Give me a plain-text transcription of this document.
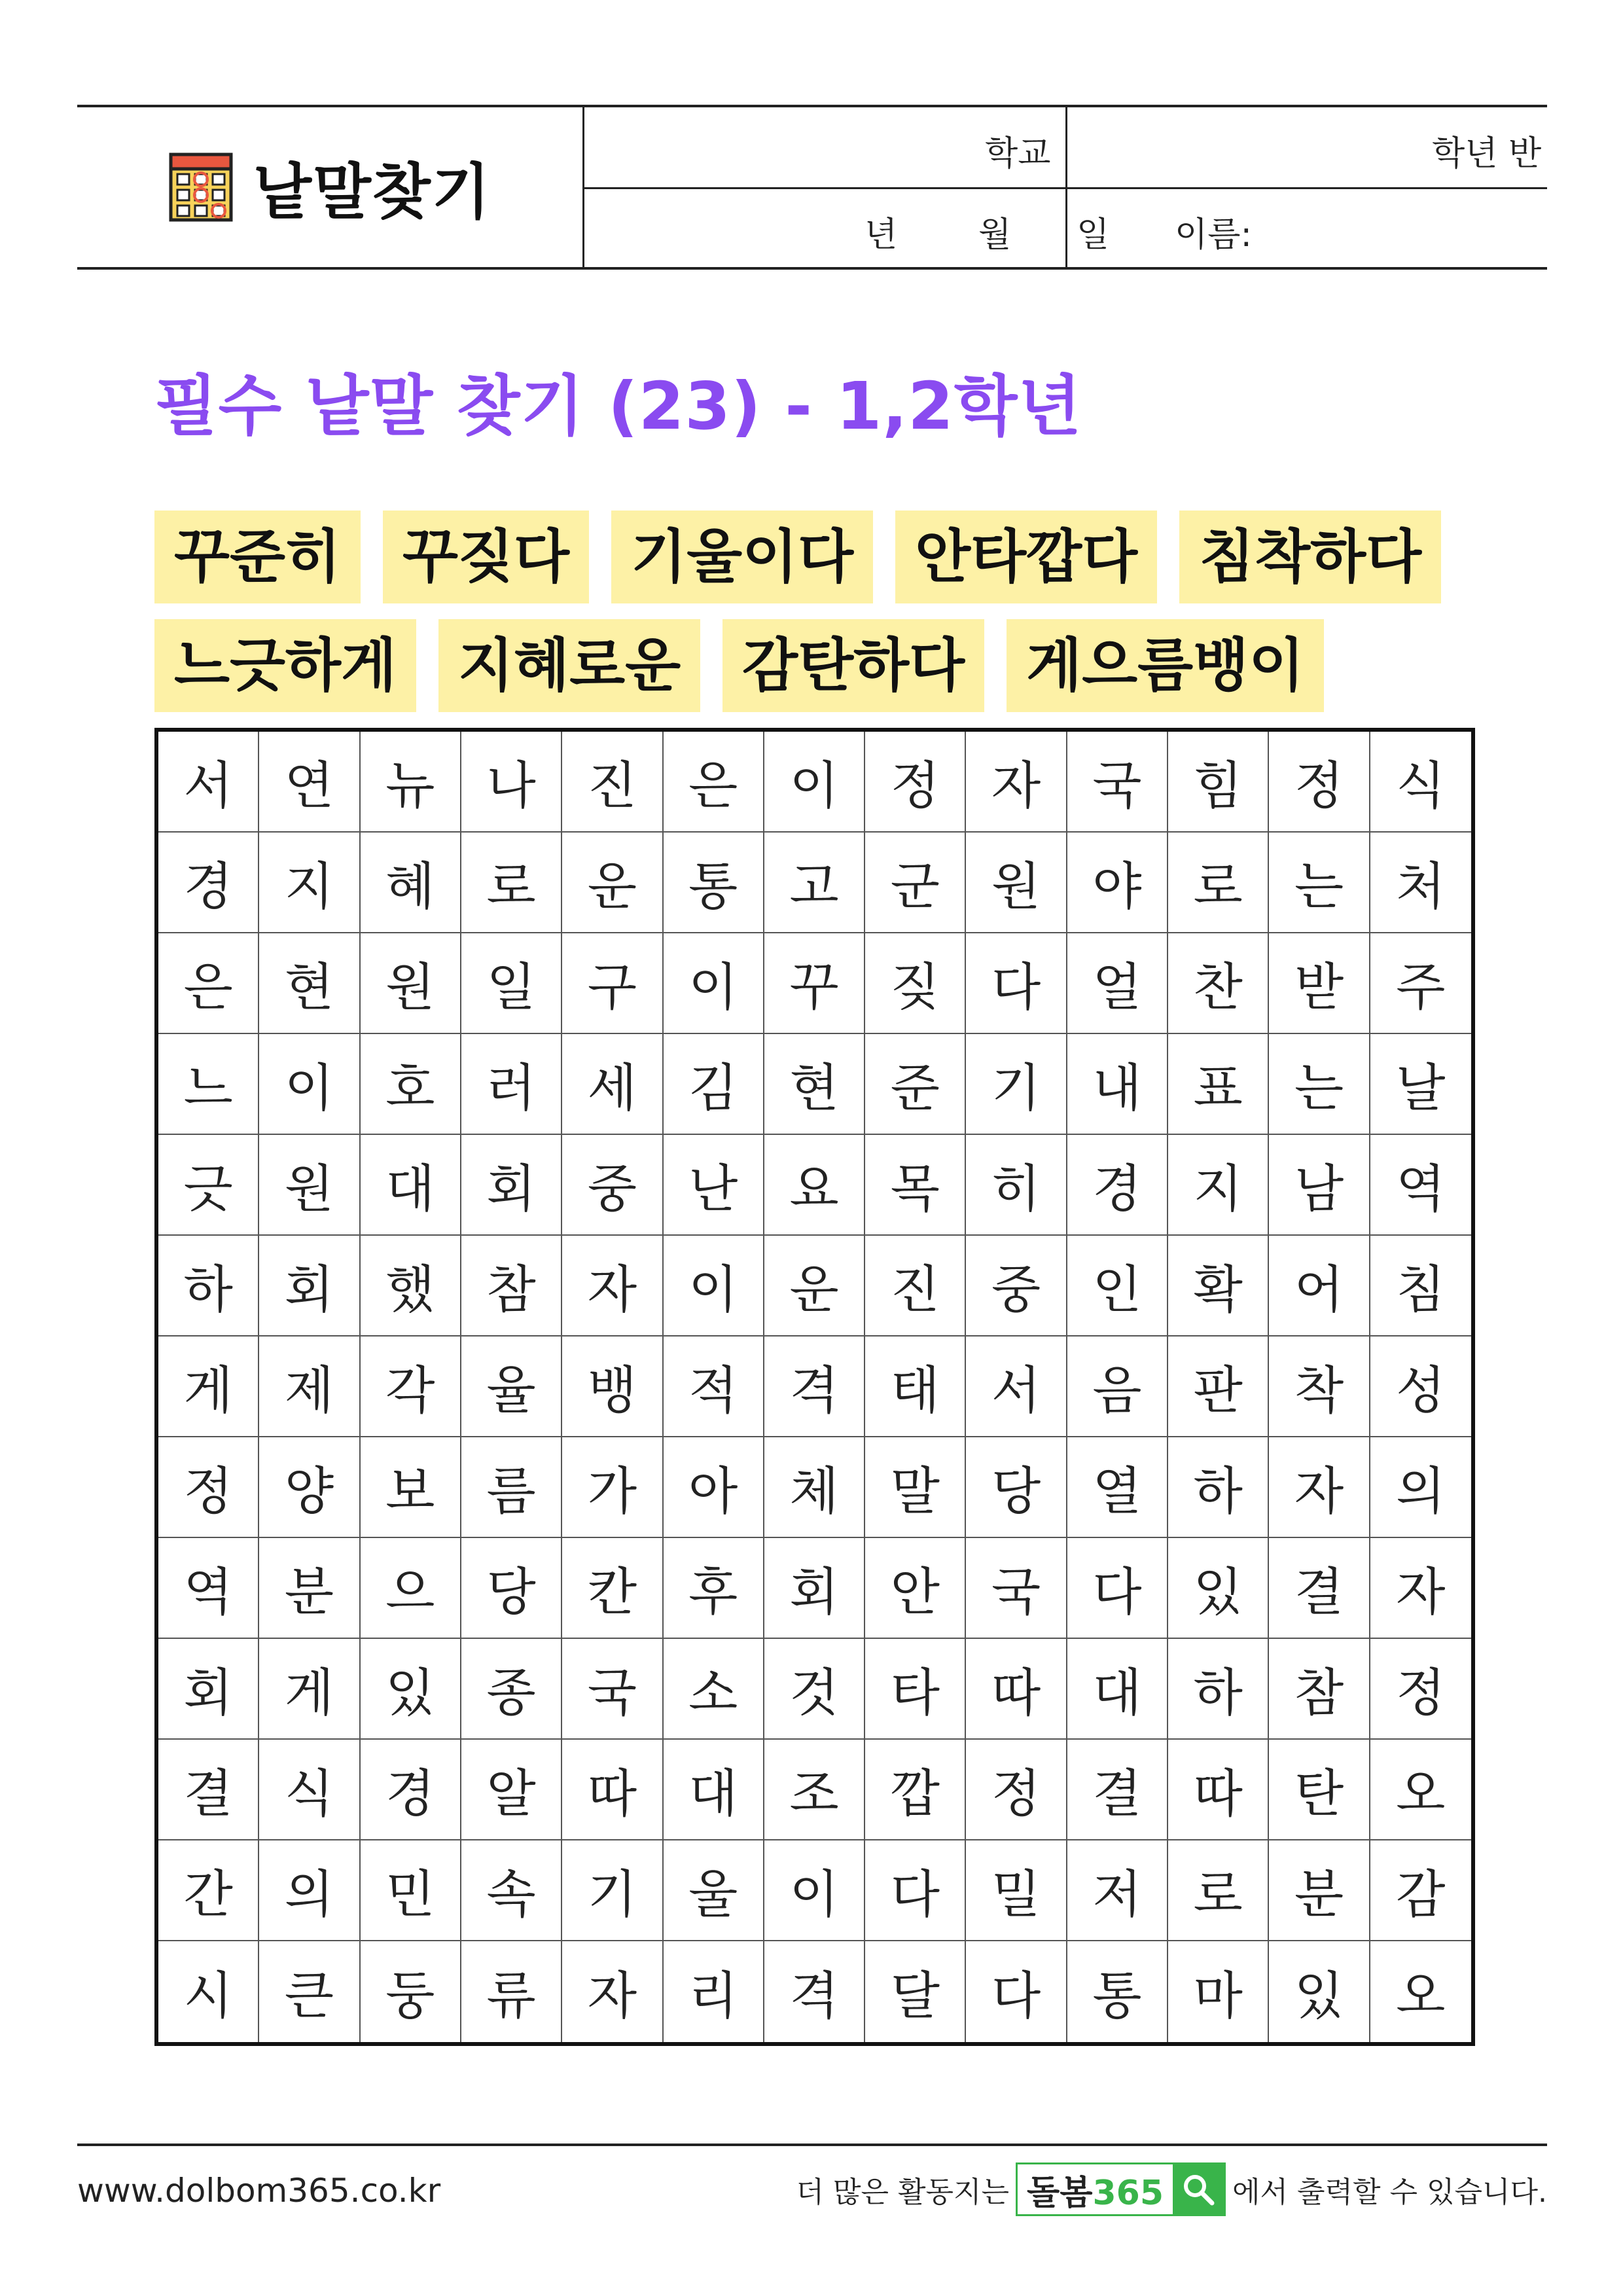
낱말찾기
학교	학년 반
년 월 일 이름:
필수 낱말 찾기 (23) - 1,2학년
꾸준히	꾸짖다	기울이다	안타깝다	침착하다
느긋하게	지혜로운	감탄하다	게으름뱅이
서	연	뉴	나	진	은	이	정	자	국	힘	정	식
경	지	혜	로	운	통	고	군	원	야	로	는	처
은	현	원	일	구	이	꾸	짖	다	얼	찬	받	주
느	이	호	러	세	김	현	준	기	내	표	는	날
긋	원	대	회	중	난	요	목	히	경	지	남	역
하	회	했	참	자	이	운	진	중	인	확	어	침
게	제	각	율	뱅	적	격	태	서	음	판	착	성
정	양	보	름	가	아	체	말	당	열	하	자	의
역	분	으	당	칸	후	회	안	국	다	있	결	자
회	게	있	종	국	소	것	타	따	대	하	참	정
결	식	경	알	따	대	조	깝	정	결	따	탄	오
간	의	민	속	기	울	이	다	밀	저	로	분	감
시	큰	둥	류	자	리	격	달	다	통	마	있	오
www.dolbom365.co.kr	더 많은 활동지는 돌봄365	에서 출력할 수 있습니다.
